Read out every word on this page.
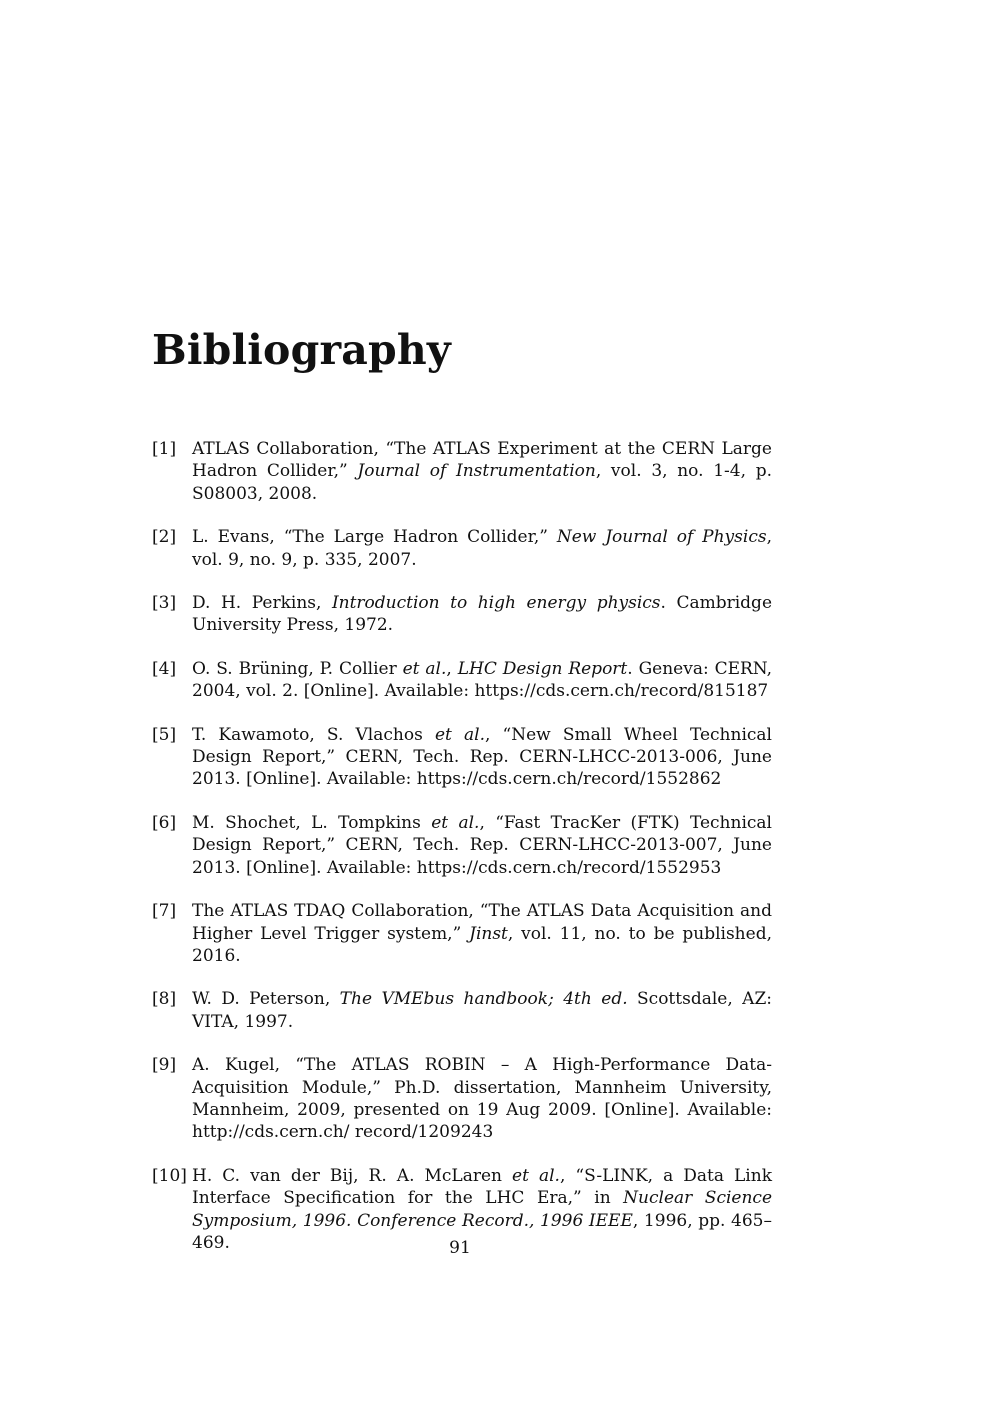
Bibliography
[1] ATLAS Collaboration, “The ATLAS Experiment at the CERN Large Hadron Collider,” Journal of Instrumentation, vol. 3, no. 1-4, p. S08003, 2008.
[2] L. Evans, “The Large Hadron Collider,” New Journal of Physics, vol. 9, no. 9, p. 335, 2007.
[3] D. H. Perkins, Introduction to high energy physics. Cambridge University Press, 1972.
[4] O. S. Brüning, P. Collier et al., LHC Design Report. Geneva: CERN, 2004, vol. 2. [Online]. Available: https://cds.cern.ch/record/815187
[5] T. Kawamoto, S. Vlachos et al., “New Small Wheel Technical Design Report,” CERN, Tech. Rep. CERN-LHCC-2013-006, June 2013. [Online]. Available: https://cds.cern.ch/record/1552862
[6] M. Shochet, L. Tompkins et al., “Fast TracKer (FTK) Technical Design Report,” CERN, Tech. Rep. CERN-LHCC-2013-007, June 2013. [Online]. Available: https://cds.cern.ch/record/1552953
[7] The ATLAS TDAQ Collaboration, “The ATLAS Data Acquisition and Higher Level Trigger system,” Jinst, vol. 11, no. to be published, 2016.
[8] W. D. Peterson, The VMEbus handbook; 4th ed. Scottsdale, AZ: VITA, 1997.
[9] A. Kugel, “The ATLAS ROBIN – A High-Performance Data-Acquisition Module,” Ph.D. dissertation, Mannheim University, Mannheim, 2009, presented on 19 Aug 2009. [Online]. Available: http://cds.cern.ch/ record/1209243
[10] H. C. van der Bij, R. A. McLaren et al., “S-LINK, a Data Link Interface Specification for the LHC Era,” in Nuclear Science Symposium, 1996. Conference Record., 1996 IEEE, 1996, pp. 465–469.	91
